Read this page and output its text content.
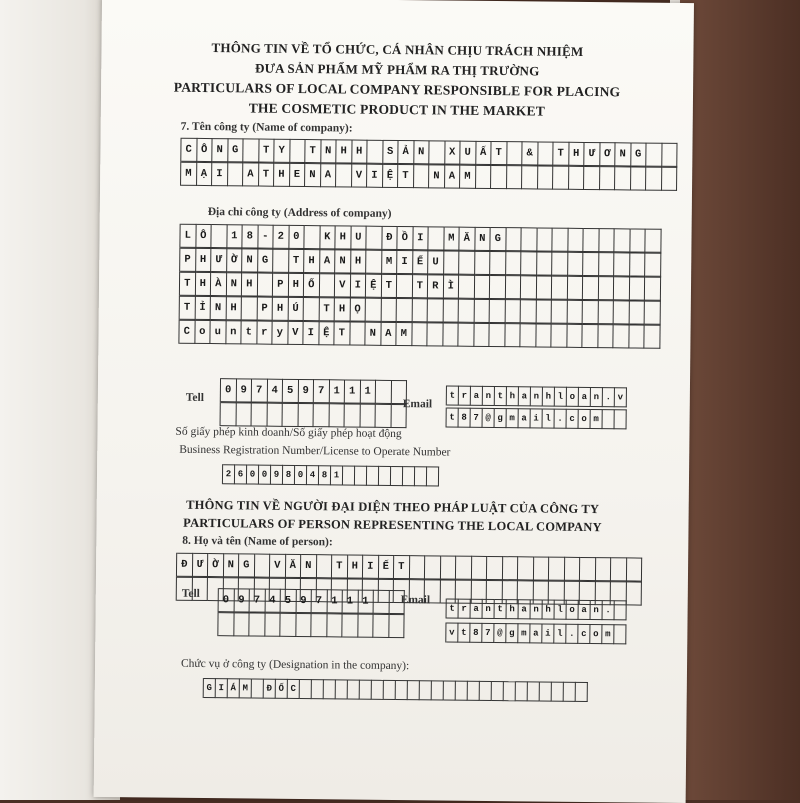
THÔNG TIN VỀ TỔ CHỨC, CÁ NHÂN CHỊU TRÁCH NHIỆM
ĐƯA SẢN PHẨM MỸ PHẨM RA THỊ TRƯỜNG
PARTICULARS OF LOCAL COMPANY RESPONSIBLE FOR PLACING
THE COSMETIC PRODUCT IN THE MARKET
7. Tên công ty (Name of company):
C Ô N G	T Y	T N H H	S Ả N	X U Ấ T	&	T H Ư Ơ N G
M Ạ I	A T H E N A	V I Ệ T	N A M
Địa chỉ công ty (Address of company)
L Ô	1 8 - 2 0	K H U	Đ Ồ I	M Ă N G
P H Ư Ờ N G	T H A N H	M I Ế U
T H À N H	P H Ố	V I Ệ T	T R Ì
T Ỉ N H	P H Ú	T H Ọ
C o u n t r y V I Ệ T	N A M
Tell
0 9 7 4 5 9 7 1 1 1
Email
t r a n t h a n h l o a n . v
t 8 7 @ g m a i l . c o m
Số giấy phép kinh doanh/Số giấy phép hoạt động
Business Registration Number/License to Operate Number
2 6 0 0 9 8 0 4 8 1
THÔNG TIN VỀ NGƯỜI ĐẠI DIỆN THEO PHÁP LUẬT CỦA CÔNG TY
PARTICULARS OF PERSON REPRESENTING THE LOCAL COMPANY
8. Họ và tên (Name of person):
Đ Ư Ờ N G	V Ă N	T H I Ế T
Tell
0 9 7 4 5 9 7 1 1 1	Email
t r a n t h a n h l o a n .
v t 8 7 @ g m a i l . c o m
Chức vụ ở công ty (Designation in the company):
G I Á M	Đ Ố C
